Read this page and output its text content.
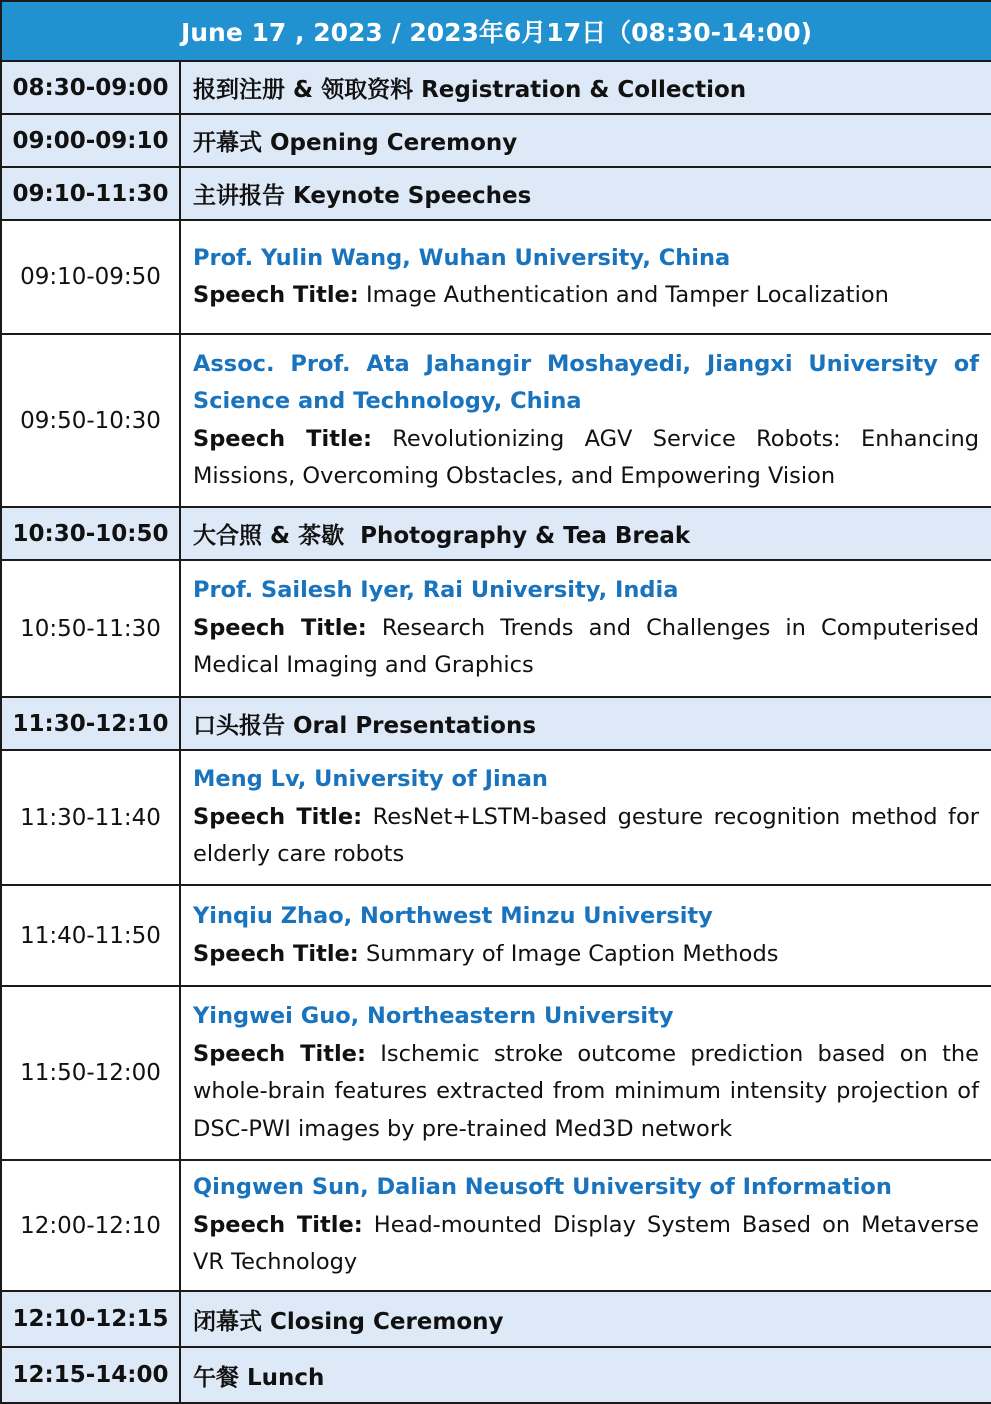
June 17 , 2023 / 2023年6月17日（08:30-14:00)	
08:30-09:00	报到注册 & 领取资料 Registration & Collection
09:00-09:10	开幕式 Opening Ceremony
09:10-11:30	主讲报告 Keynote Speeches
09:10-09:50	Prof. Yulin Wang, Wuhan University, China
Speech Title: Image Authentication and Tamper Localization

09:50-10:30	Assoc. Prof. Ata Jahangir Moshayedi, Jiangxi University of Science and Technology, China
Speech Title: Revolutionizing AGV Service Robots: Enhancing Missions, Overcoming Obstacles, and Empowering Vision

10:30-10:50	大合照 & 茶歇  Photography & Tea Break
10:50-11:30	Prof. Sailesh Iyer, Rai University, India
Speech Title: Research Trends and Challenges in Computerised Medical Imaging and Graphics

11:30-12:10	口头报告 Oral Presentations
11:30-11:40	Meng Lv, University of Jinan
Speech Title: ResNet+LSTM-based gesture recognition method for elderly care robots

11:40-11:50	Yinqiu Zhao, Northwest Minzu University
Speech Title: Summary of Image Caption Methods

11:50-12:00	Yingwei Guo, Northeastern University
Speech Title: Ischemic stroke outcome prediction based on the whole-brain features extracted from minimum intensity projection of DSC-PWI images by pre-trained Med3D network

12:00-12:10	Qingwen Sun, Dalian Neusoft University of Information
Speech Title: Head-mounted Display System Based on Metaverse VR Technology

12:10-12:15	闭幕式 Closing Ceremony
12:15-14:00	午餐 Lunch
